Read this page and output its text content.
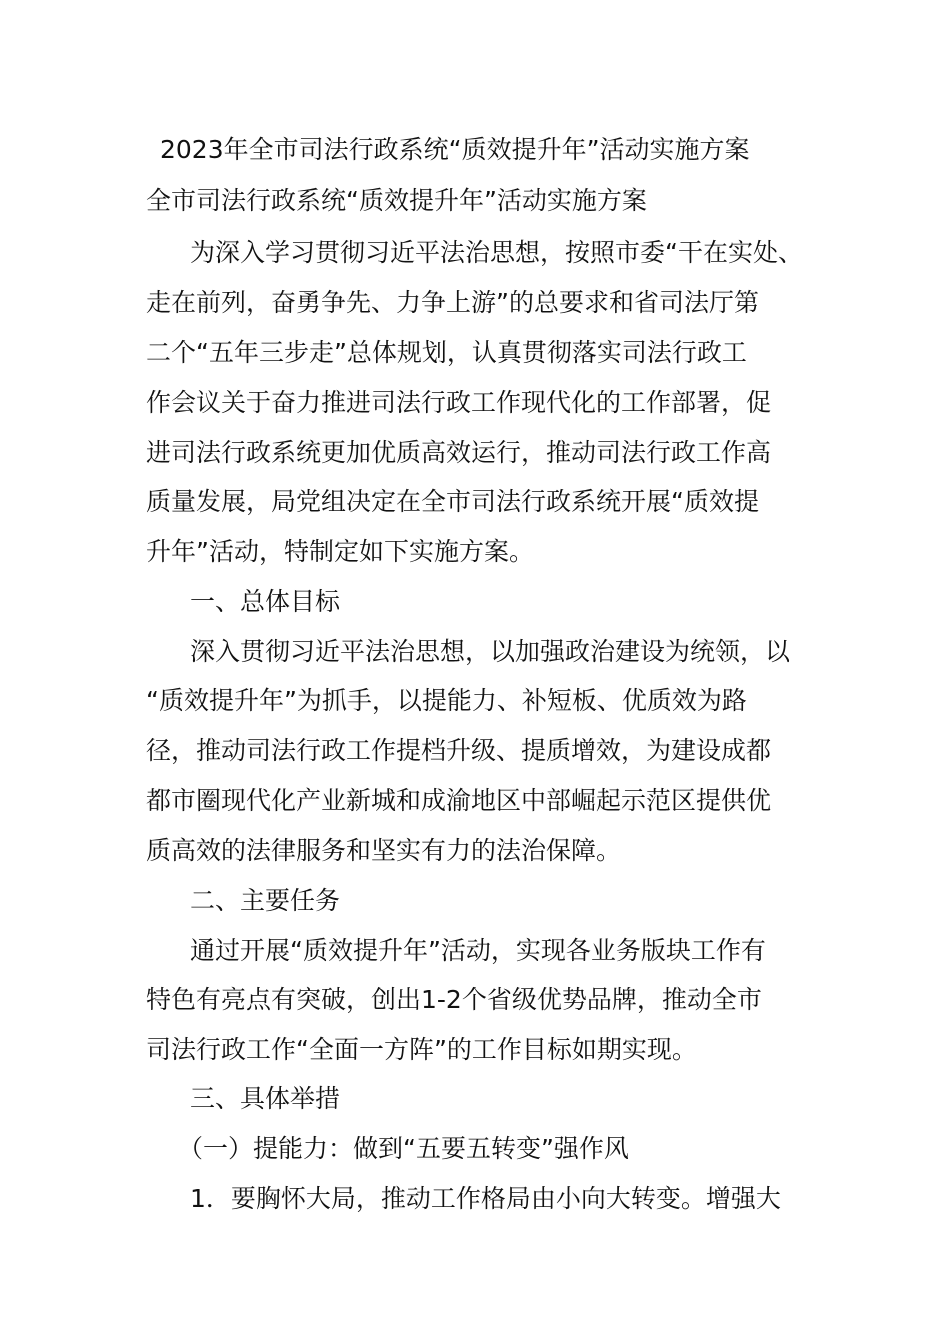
2023年全市司法行政系统“质效提升年”活动实施方案
全市司法行政系统“质效提升年”活动实施方案
为深入学习贯彻习近平法治思想，按照市委“干在实处、
走在前列，奋勇争先、力争上游”的总要求和省司法厅第
二个“五年三步走”总体规划，认真贯彻落实司法行政工
作会议关于奋力推进司法行政工作现代化的工作部署，促
进司法行政系统更加优质高效运行，推动司法行政工作高
质量发展，局党组决定在全市司法行政系统开展“质效提
升年”活动，特制定如下实施方案。
一、总体目标
深入贯彻习近平法治思想，以加强政治建设为统领，以
“质效提升年”为抓手，以提能力、补短板、优质效为路
径，推动司法行政工作提档升级、提质增效，为建设成都
都市圈现代化产业新城和成渝地区中部崛起示范区提供优
质高效的法律服务和坚实有力的法治保障。
二、主要任务
通过开展“质效提升年”活动，实现各业务版块工作有
特色有亮点有突破，创出1-2个省级优势品牌，推动全市
司法行政工作“全面一方阵”的工作目标如期实现。
三、具体举措
（一）提能力：做到“五要五转变”强作风
1．要胸怀大局，推动工作格局由小向大转变。增强大
